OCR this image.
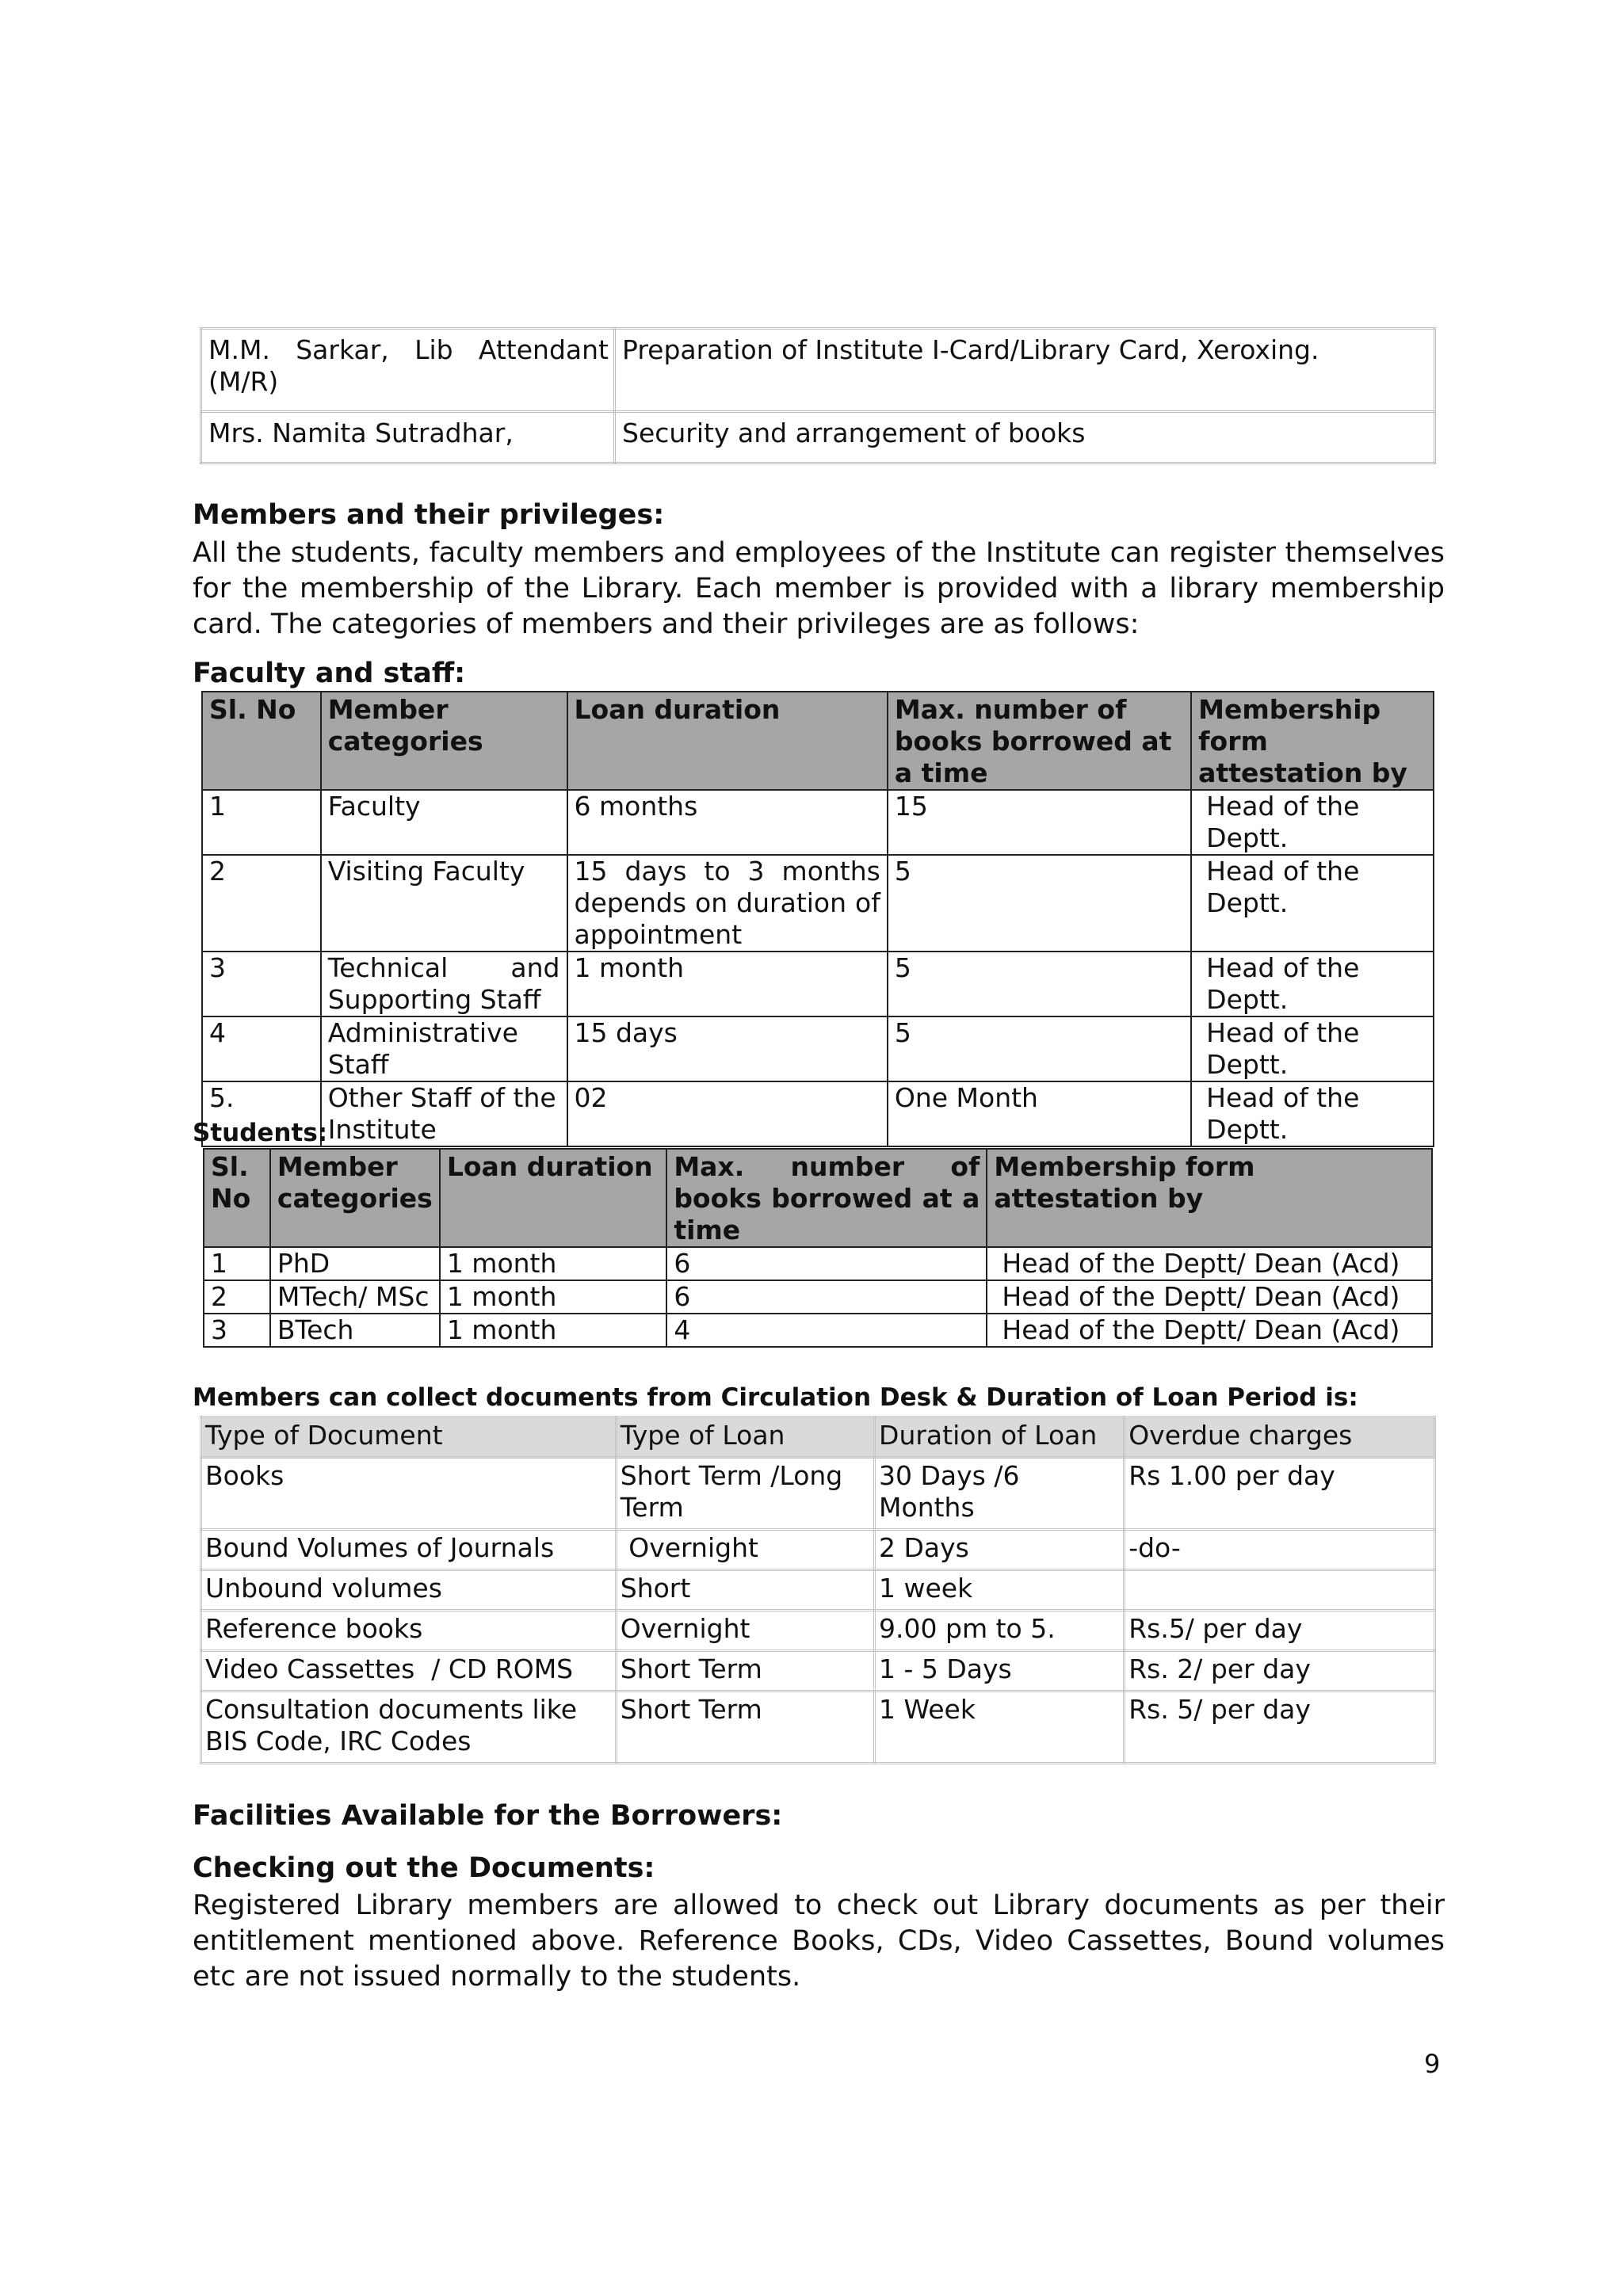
M.M. Sarkar, Lib Attendant (M/R)	Preparation of Institute I-Card/Library Card, Xeroxing.
Mrs. Namita Sutradhar,	Security and arrangement of books
Members and their privileges:
All the students, faculty members and employees of the Institute can register themselves for the membership of the Library. Each member is provided with a library membership card. The categories of members and their privileges are as follows:
Faculty and staff:
Sl. No	Member categories	Loan duration	Max. number of books borrowed at a time	Membership form attestation by
1	Faculty	6 months	15	Head of the Deptt.
2	Visiting Faculty	15 days to 3 months depends on duration of appointment	5	Head of the Deptt.
3	Technical and Supporting Staff	1 month	5	Head of the Deptt.
4	Administrative Staff	15 days	5	Head of the Deptt.
5.	Other Staff of the Institute	02	One Month	Head of the Deptt.
Students:
Sl. No	Member categories	Loan duration	Max. number of books borrowed at a time	Membership form attestation by
1	PhD	1 month	6	Head of the Deptt/ Dean (Acd)
2	MTech/ MSc	1 month	6	Head of the Deptt/ Dean (Acd)
3	BTech	1 month	4	Head of the Deptt/ Dean (Acd)
Members can collect documents from Circulation Desk & Duration of Loan Period is:
Type of Document	Type of Loan	Duration of Loan	Overdue charges
Books	Short Term /Long Term	30 Days /6 Months	Rs 1.00 per day
Bound Volumes of Journals	Overnight	2 Days	-do-
Unbound volumes	Short	1 week	
Reference books	Overnight	9.00 pm to 5.	Rs.5/ per day
Video Cassettes  / CD ROMS	Short Term	1 - 5 Days	Rs. 2/ per day
Consultation documents like BIS Code, IRC Codes	Short Term	1 Week	Rs. 5/ per day
Facilities Available for the Borrowers:
Checking out the Documents:
Registered Library members are allowed to check out Library documents as per their entitlement mentioned above. Reference Books, CDs, Video Cassettes, Bound volumes etc are not issued normally to the students.
9
